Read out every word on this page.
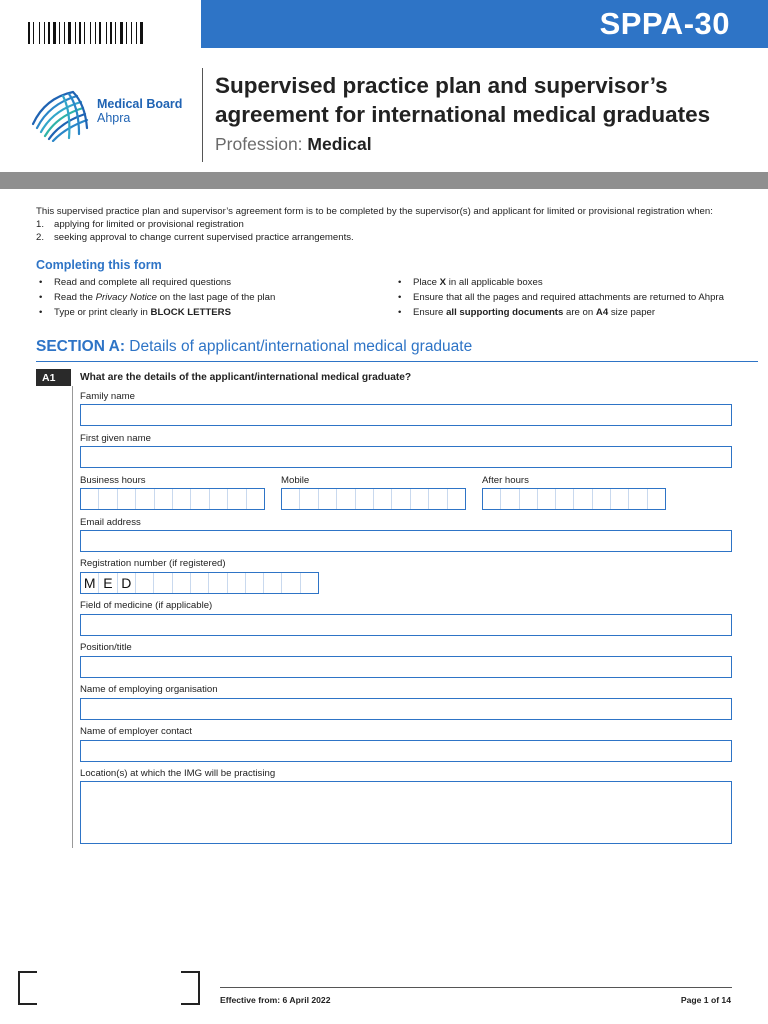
SPPA-30
Medical Board
Ahpra
Supervised practice plan and supervisor’s
agreement for international medical graduates
Profession: Medical
This supervised practice plan and supervisor’s agreement form is to be completed by the supervisor(s) and applicant for limited or provisional registration when:
1. applying for limited or provisional registration
2. seeking approval to change current supervised practice arrangements.
Completing this form
• Read and complete all required questions
• Read the Privacy Notice on the last page of the plan
• Type or print clearly in BLOCK LETTERS
• Place X in all applicable boxes
• Ensure that all the pages and required attachments are returned to Ahpra
• Ensure all supporting documents are on A4 size paper
SECTION A: Details of applicant/international medical graduate
A1	What are the details of the applicant/international medical graduate?
Family name
First given name
Business hours	Mobile	After hours
Email address
Registration number (if registered)
M E D
Field of medicine (if applicable)
Position/title
Name of employing organisation
Name of employer contact
Location(s) at which the IMG will be practising
Effective from: 6 April 2022	Page 1 of 14
